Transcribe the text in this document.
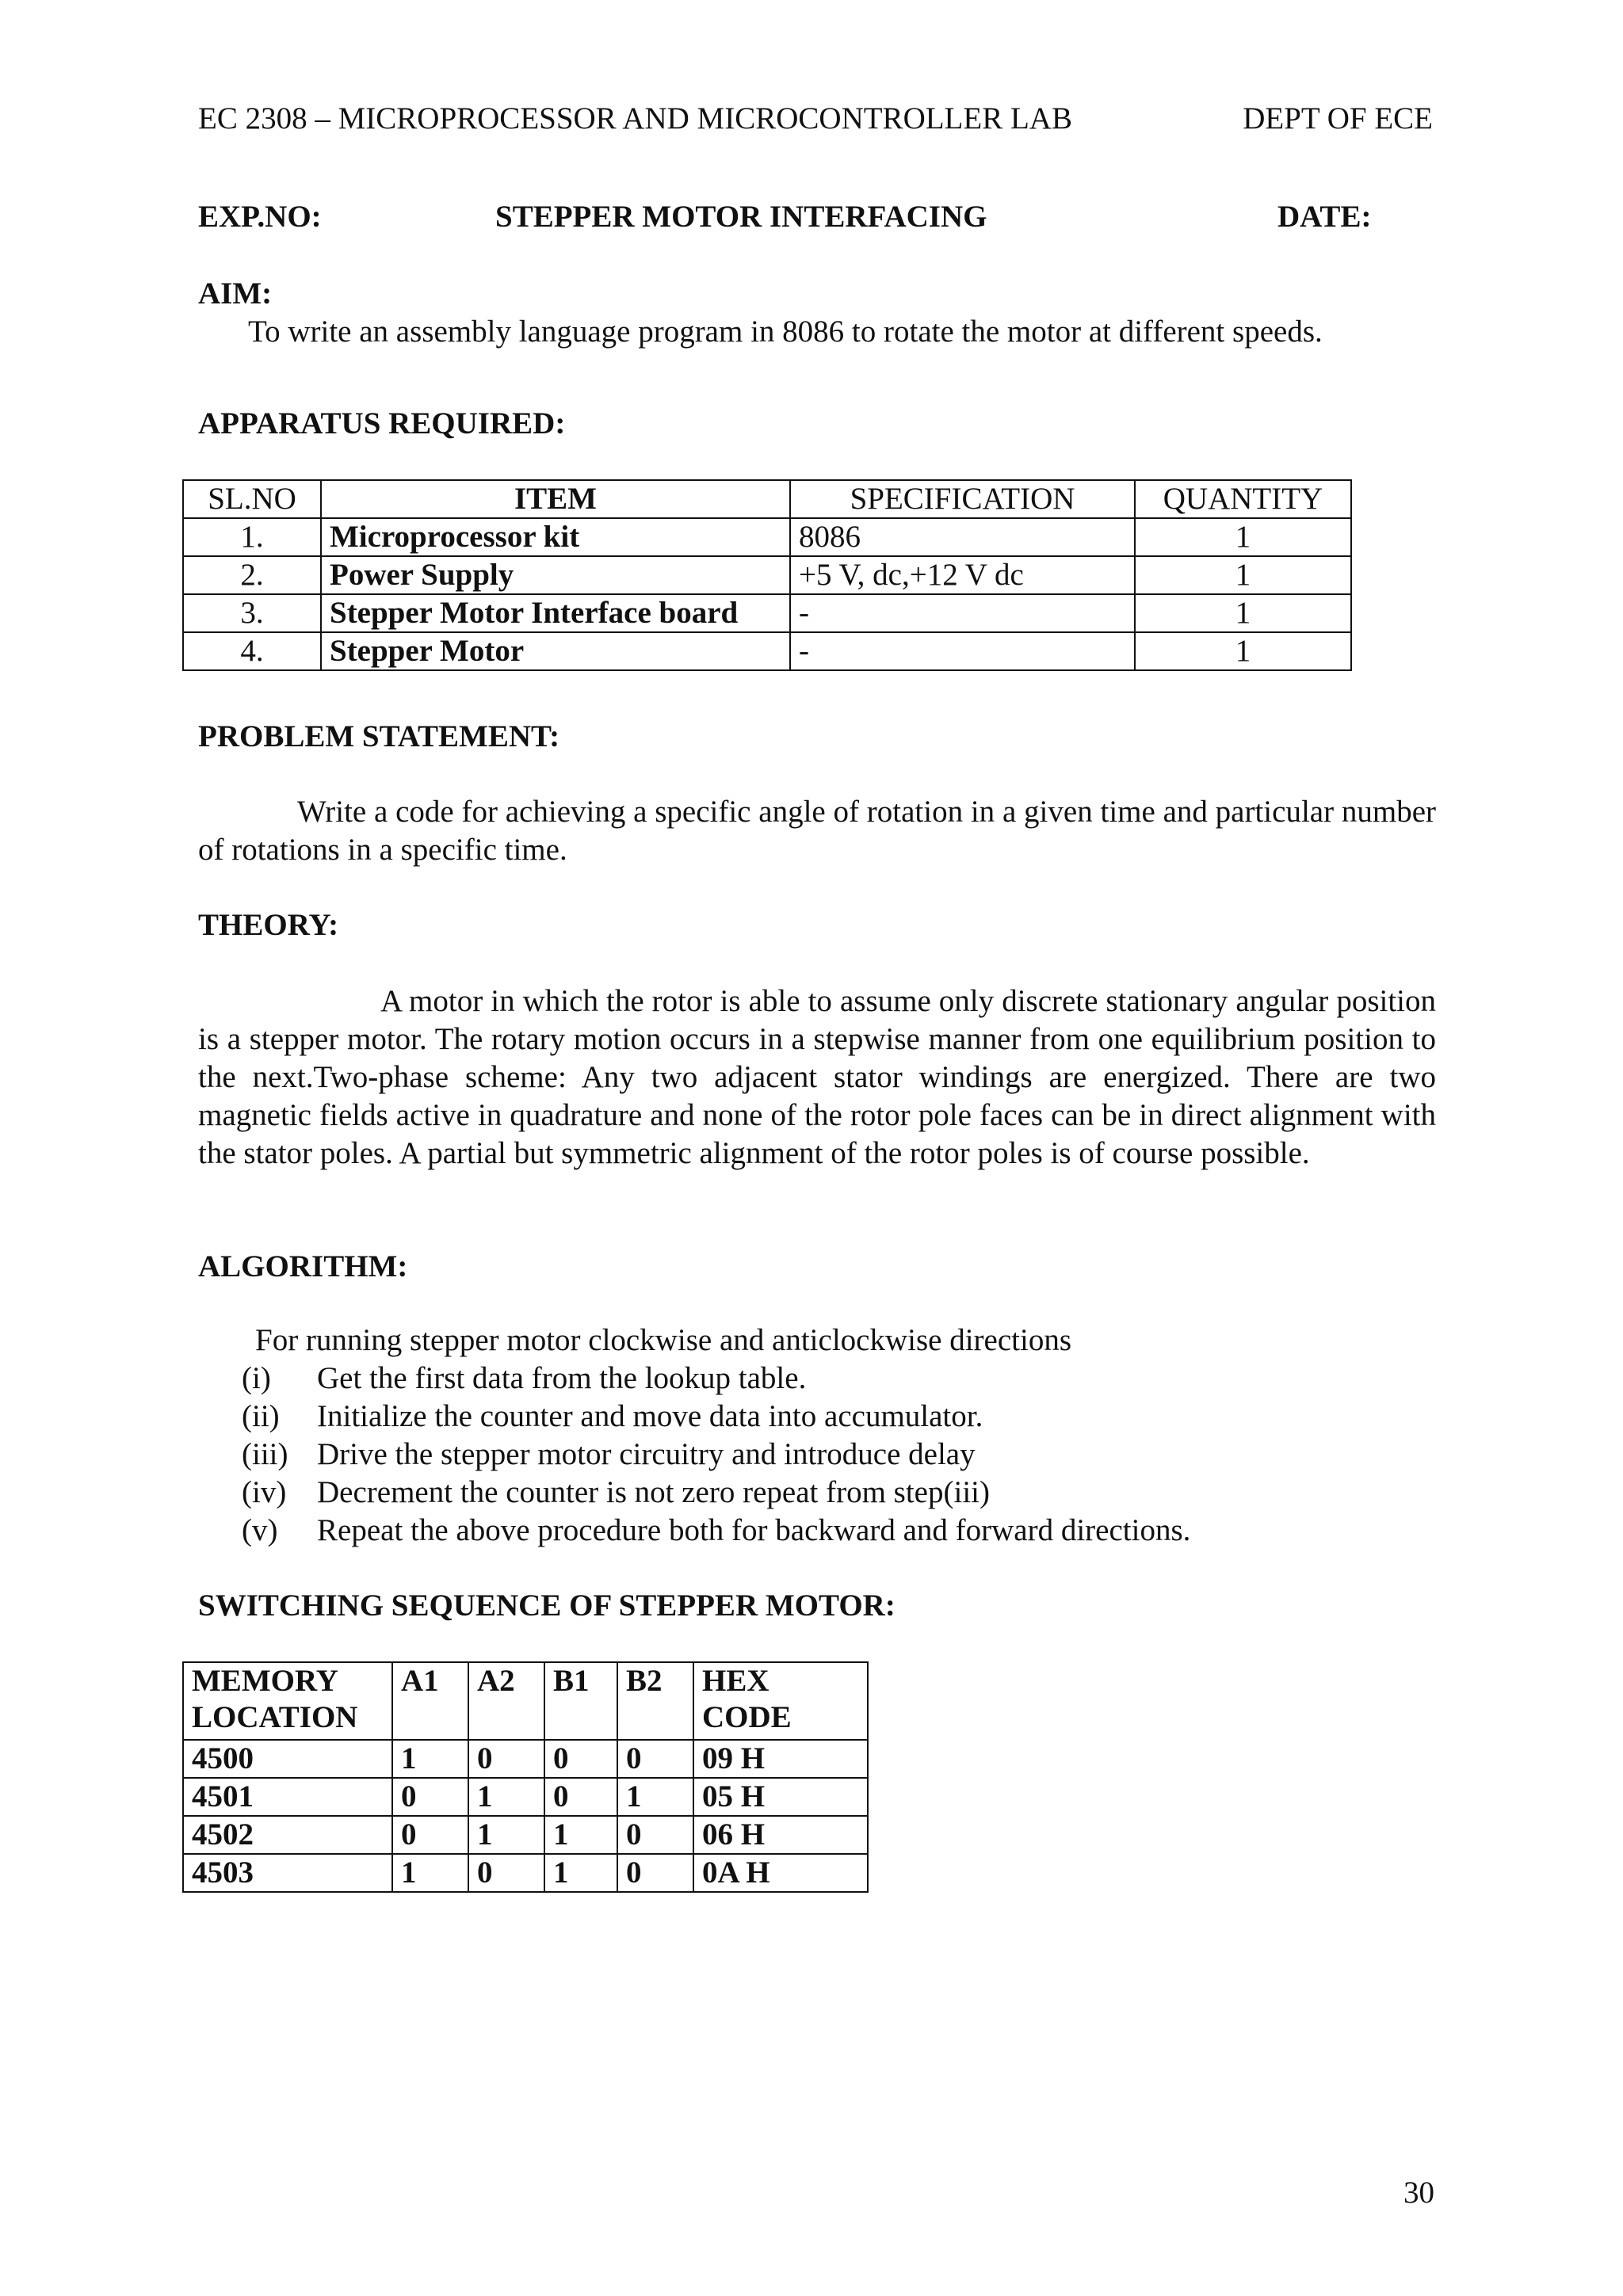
EC 2308 – MICROPROCESSOR AND MICROCONTROLLER LAB	DEPT OF ECE
EXP.NO:	STEPPER MOTOR INTERFACING	DATE:
AIM:
To write an assembly language program in 8086 to rotate the motor at different speeds.
APPARATUS REQUIRED:
SL.NO	ITEM	SPECIFICATION	QUANTITY
1.	Microprocessor kit	8086	1
2.	Power Supply	+5 V, dc,+12 V dc	1
3.	Stepper Motor Interface board	-	1
4.	Stepper Motor	-	1
PROBLEM STATEMENT:
Write a code for achieving a specific angle of rotation in a given time and particular number of rotations in a specific time.
THEORY:
A motor in which the rotor is able to assume only discrete stationary angular position is a stepper motor. The rotary motion occurs in a stepwise manner from one equilibrium position to the next.Two-phase scheme: Any two adjacent stator windings are energized. There are two magnetic fields active in quadrature and none of the rotor pole faces can be in direct alignment with the stator poles. A partial but symmetric alignment of the rotor poles is of course possible.
ALGORITHM:
For running stepper motor clockwise and anticlockwise directions
(i) Get the first data from the lookup table.
(ii) Initialize the counter and move data into accumulator.
(iii) Drive the stepper motor circuitry and introduce delay
(iv) Decrement the counter is not zero repeat from step(iii)
(v) Repeat the above procedure both for backward and forward directions.
SWITCHING SEQUENCE OF STEPPER MOTOR:
MEMORY LOCATION	A1	A2	B1	B2	HEX CODE
4500	1	0	0	0	09 H
4501	0	1	0	1	05 H
4502	0	1	1	0	06 H
4503	1	0	1	0	0A H
30
